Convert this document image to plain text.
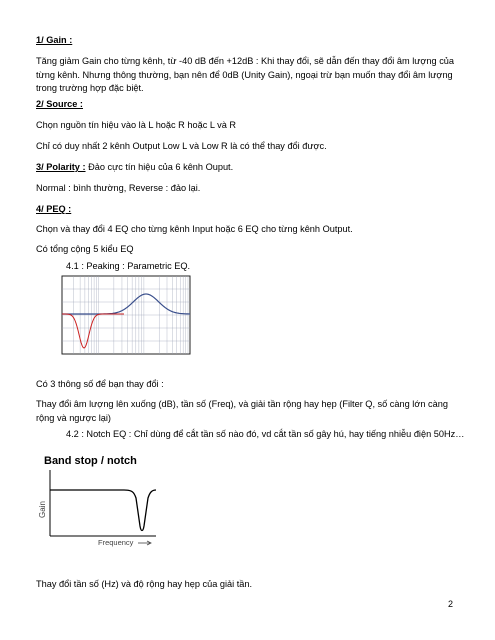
1/ Gain :

Tăng giảm Gain cho từng kênh, từ -40 dB đến +12dB : Khi thay đổi, sẽ dẫn đến thay đổi âm lượng của từng kênh. Nhưng thông thường, bạn nên để 0dB (Unity Gain), ngoại trừ bạn muốn thay đổi âm lượng trong trường hợp đặc biệt.

2/ Source :

Chọn nguồn tín hiệu vào là L hoặc R hoặc L và R

Chỉ có duy nhất 2 kênh Output Low L và Low R là có thể thay đổi được.

3/ Polarity : Đảo cực tín hiệu của 6 kênh Ouput.

Normal : bình thường, Reverse : đảo lại.

4/ PEQ :

Chọn và thay đổi 4 EQ cho từng kênh Input hoặc 6 EQ cho từng kênh Output.

Có tổng cộng 5 kiểu EQ

4.1 : Peaking : Parametric EQ.

Có 3 thông số để bạn thay đổi :

Thay đổi âm lượng lên xuống (dB), tần số (Freq), và giải tần rộng hay hẹp (Filter Q, số càng lớn càng rộng và ngược lại)

4.2 : Notch EQ : Chỉ dùng để cắt tần số nào đó, vd cắt tần số gây hú, hay tiếng nhiễu điện 50Hz…

Band stop / notch
Gain
Frequency

Thay đổi tần số (Hz) và độ rộng hay hẹp của giải tần.

2
